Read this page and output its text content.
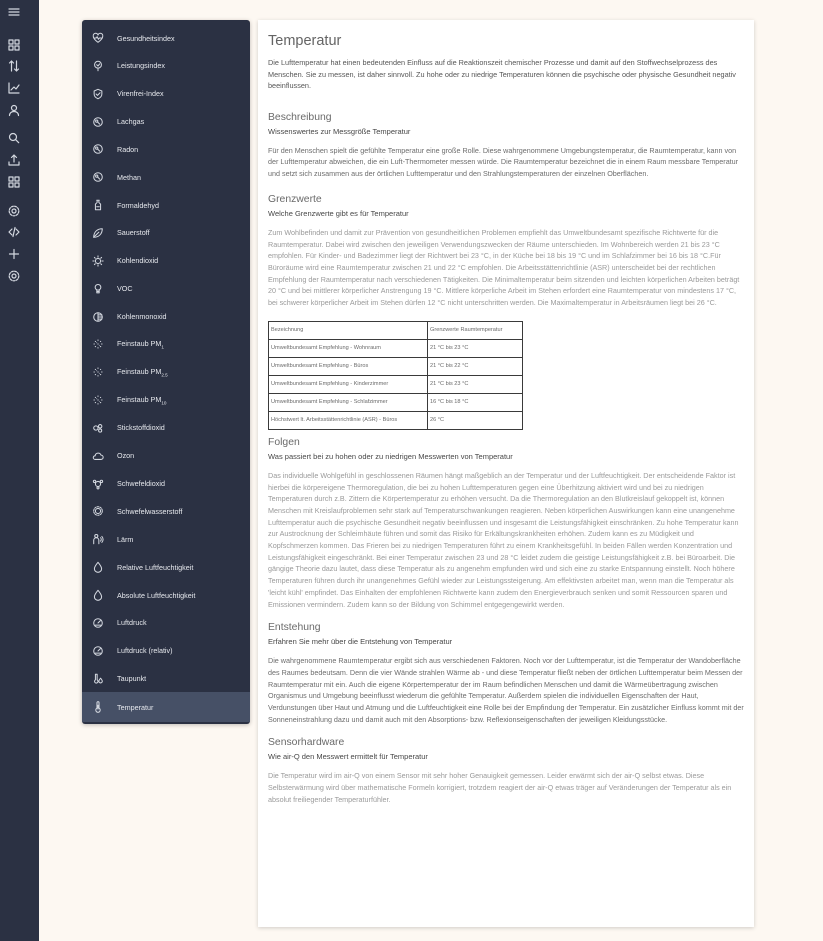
Gesundheitsindex
Leistungsindex
Virenfrei-Index
Lachgas
Radon
Methan
Formaldehyd
Sauerstoff
Kohlendioxid
VOC
Kohlenmonoxid
Feinstaub $PM_1$
Feinstaub $PM_{2.5}$
Feinstaub $PM_{10}$
Stickstoffdioxid
Ozon
Schwefeldioxid
Schwefelwasserstoff
Lärm
Relative Luftfeuchtigkeit
Absolute Luftfeuchtigkeit
Luftdruck
Luftdruck (relativ)
Taupunkt
Temperatur
Temperatur

Die Lufttemperatur hat einen bedeutenden Einfluss auf die Reaktionszeit chemischer Prozesse und damit auf den Stoffwechselprozess des Menschen. Sie zu messen, ist daher sinnvoll. Zu hohe oder zu niedrige Temperaturen können die psychische oder physische Gesundheit negativ beeinflussen.

Beschreibung

Wissenswertes zur Messgröße Temperatur

Für den Menschen spielt die gefühlte Temperatur eine große Rolle. Diese wahrgenommene Umgebungstemperatur, die Raumtemperatur, kann von der Lufttemperatur abweichen, die ein Luft-Thermometer messen würde. Die Raumtemperatur bezeichnet die in einem Raum messbare Temperatur und setzt sich zusammen aus der örtlichen Lufttemperatur und den Strahlungstemperaturen der einzelnen Oberflächen.

Grenzwerte

Welche Grenzwerte gibt es für Temperatur

Zum Wohlbefinden und damit zur Prävention von gesundheitlichen Problemen empfiehlt das Umweltbundesamt spezifische Richtwerte für die Raumtemperatur. Dabei wird zwischen den jeweiligen Verwendungszwecken der Räume unterschieden. Im Wohnbereich werden 21 bis 23 °C empfohlen. Für Kinder- und Badezimmer liegt der Richtwert bei 23 °C, in der Küche bei 18 bis 19 °C und im Schlafzimmer bei 16 bis 18 °C.Für Büroräume wird eine Raumtemperatur zwischen 21 und 22 °C empfohlen. Die Arbeitsstättenrichtlinie (ASR) unterscheidet bei der rechtlichen Empfehlung der Raumtemperatur nach verschiedenen Tätigkeiten. Die Minimaltemperatur beim sitzenden und leichten körperlichen Arbeiten beträgt 20 °C und bei mittlerer körperlicher Anstrengung 19 °C. Mittlere körperliche Arbeit im Stehen erfordert eine Raumtemperatur von mindestens 17 °C, bei schwerer körperlicher Arbeit im Stehen dürfen 12 °C nicht unterschritten werden. Die Maximaltemperatur in Arbeitsräumen liegt bei 26 °C.

Bezeichnung	Grenzwerte Raumtemperatur
Umweltbundesamt Empfehlung - Wohnraum	21 °C bis 23 °C
Umweltbundesamt Empfehlung - Büros	21 °C bis 22 °C
Umweltbundesamt Empfehlung - Kinderzimmer	21 °C bis 23 °C
Umweltbundesamt Empfehlung - Schlafzimmer	16 °C bis 18 °C
Höchstwert lt. Arbeitsstättenrichtlinie (ASR) - Büros	26 °C
Folgen

Was passiert bei zu hohen oder zu niedrigen Messwerten von Temperatur

Das individuelle Wohlgefühl in geschlossenen Räumen hängt maßgeblich an der Temperatur und der Luftfeuchtigkeit. Der entscheidende Faktor ist hierbei die körpereigene Thermoregulation, die bei zu hohen Lufttemperaturen gegen eine Überhitzung aktiviert wird und bei zu niedrigen Temperaturen durch z.B. Zittern die Körpertemperatur zu erhöhen versucht. Da die Thermoregulation an den Blutkreislauf gekoppelt ist, können Menschen mit Kreislaufproblemen sehr stark auf Temperaturschwankungen reagieren. Neben körperlichen Auswirkungen kann eine unangenehme Lufttemperatur auch die psychische Gesundheit negativ beeinflussen und insgesamt die Leistungsfähigkeit einschränken. Zu hohe Temperatur kann zur Austrocknung der Schleimhäute führen und somit das Risiko für Erkältungskrankheiten erhöhen. Zudem kann es zu Müdigkeit und Kopfschmerzen kommen. Das Frieren bei zu niedrigen Temperaturen führt zu einem Krankheitsgefühl. In beiden Fällen werden Konzentration und Leistungsfähigkeit eingeschränkt. Bei einer Temperatur zwischen 23 und 28 °C leidet zudem die geistige Leistungsfähigkeit z.B. bei Büroarbeit. Die gängige Theorie dazu lautet, dass diese Temperatur als zu angenehm empfunden wird und sich eine zu starke Entspannung einstellt. Noch höhere Temperaturen führen durch ihr unangenehmes Gefühl wieder zur Leistungssteigerung. Am effektivsten arbeitet man, wenn man die Temperatur als 'leicht kühl' empfindet. Das Einhalten der empfohlenen Richtwerte kann zudem den Energieverbrauch senken und somit Ressourcen sparen und Emissionen vermindern. Zudem kann so der Bildung von Schimmel entgegengewirkt werden.

Entstehung

Erfahren Sie mehr über die Entstehung von Temperatur

Die wahrgenommene Raumtemperatur ergibt sich aus verschiedenen Faktoren. Noch vor der Lufttemperatur, ist die Temperatur der Wandoberfläche des Raumes bedeutsam. Denn die vier Wände strahlen Wärme ab - und diese Temperatur fließt neben der örtlichen Lufttemperatur beim Messen der Raumtemperatur mit ein. Auch die eigene Körpertemperatur der im Raum befindlichen Menschen und damit die Wärmeübertragung zwischen Organismus und Umgebung beeinflusst wiederum die gefühlte Temperatur. Außerdem spielen die individuellen Eigenschaften der Haut, Verdunstungen über Haut und Atmung und die Luftfeuchtigkeit eine Rolle bei der Empfindung der Temperatur. Ein zusätzlicher Einfluss kommt mit der Sonneneinstrahlung dazu und damit auch mit den Absorptions- bzw. Reflexionseigenschaften der jeweiligen Kleidungsstücke.

Sensorhardware

Wie air-Q den Messwert ermittelt für Temperatur

Die Temperatur wird im air-Q von einem Sensor mit sehr hoher Genauigkeit gemessen. Leider erwärmt sich der air-Q selbst etwas. Diese Selbsterwärmung wird über mathematische Formeln korrigiert, trotzdem reagiert der air-Q etwas träger auf Veränderungen der Temperatur als ein absolut freiliegender Temperaturfühler.
